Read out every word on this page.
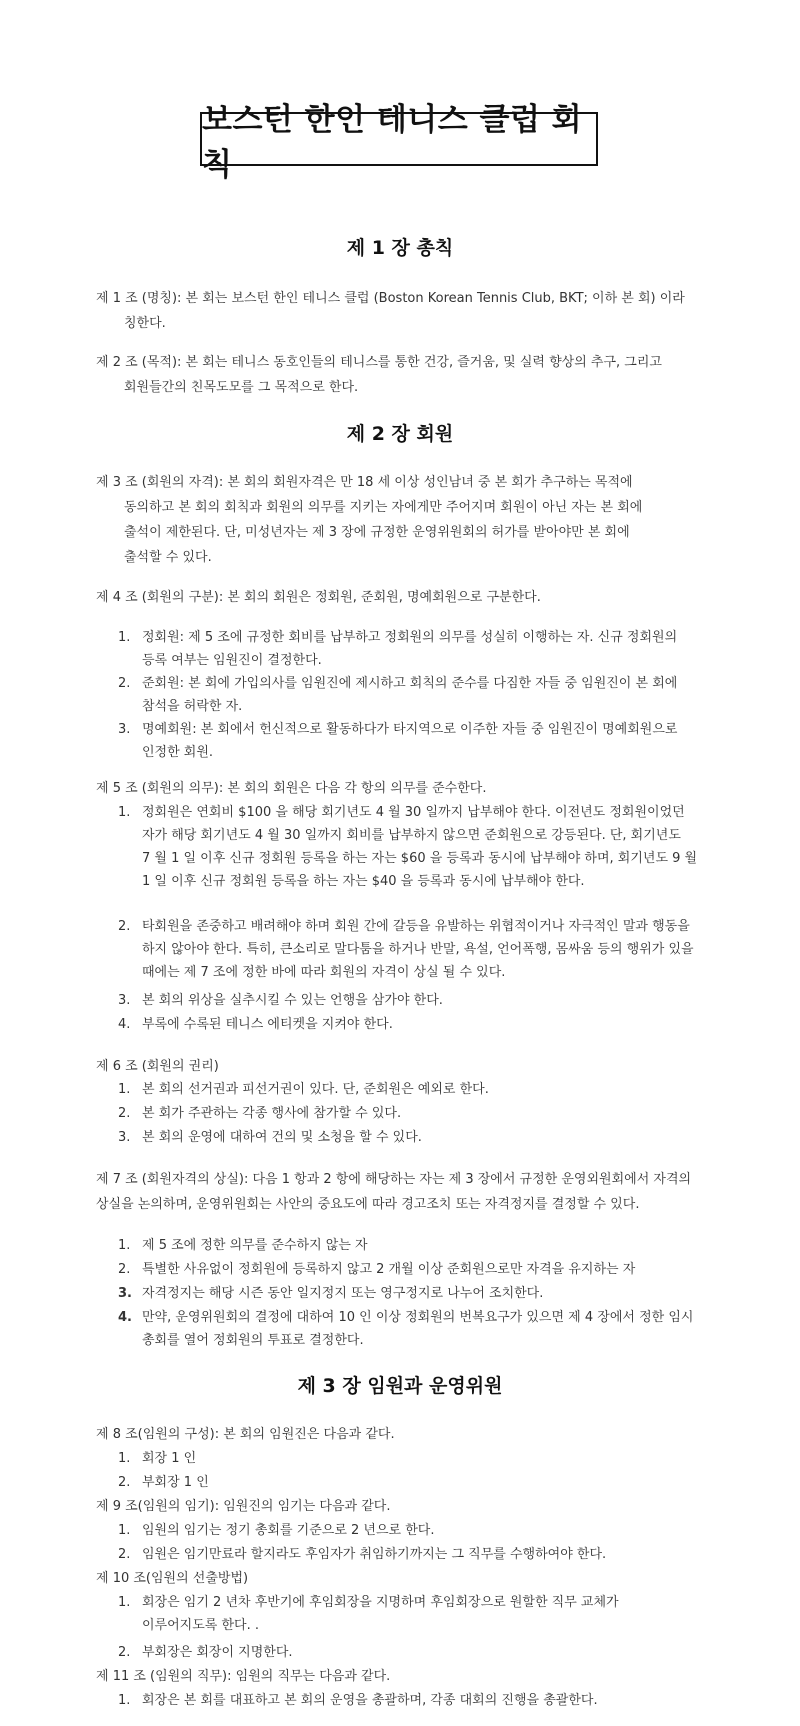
보스턴 한인 테니스 클럽 회칙
제 1 장 총칙
제 1 조 (명칭): 본 회는 보스턴 한인 테니스 클럽 (Boston Korean Tennis Club, BKT; 이하 본 회) 이라
칭한다.
제 2 조 (목적): 본 회는 테니스 동호인들의 테니스를 통한 건강, 즐거움, 및 실력 향상의 추구, 그리고
회원들간의 친목도모를 그 목적으로 한다.
제 2 장 회원
제 3 조 (회원의 자격): 본 회의 회원자격은 만 18 세 이상 성인남녀 중 본 회가 추구하는 목적에
동의하고 본 회의 회칙과 회원의 의무를 지키는 자에게만 주어지며 회원이 아닌 자는 본 회에
출석이 제한된다. 단, 미성년자는 제 3 장에 규정한 운영위원회의 허가를 받아야만 본 회에
출석할 수 있다.
제 4 조 (회원의 구분): 본 회의 회원은 정회원, 준회원, 명예회원으로 구분한다.
1. 정회원: 제 5 조에 규정한 회비를 납부하고 정회원의 의무를 성실히 이행하는 자. 신규 정회원의
등록 여부는 임원진이 결정한다.
2. 준회원: 본 회에 가입의사를 임원진에 제시하고 회칙의 준수를 다짐한 자들 중 임원진이 본 회에
참석을 허락한 자.
3. 명예회원: 본 회에서 헌신적으로 활동하다가 타지역으로 이주한 자들 중 임원진이 명예회원으로
인정한 회원.
제 5 조 (회원의 의무): 본 회의 회원은 다음 각 항의 의무를 준수한다.
1. 정회원은 연회비 $100 을 해당 회기년도 4 월 30 일까지 납부해야 한다. 이전년도 정회원이었던
자가 해당 회기년도 4 월 30 일까지 회비를 납부하지 않으면 준회원으로 강등된다. 단, 회기년도
7 월 1 일 이후 신규 정회원 등록을 하는 자는 $60 을 등록과 동시에 납부해야 하며, 회기년도 9 월
1 일 이후 신규 정회원 등록을 하는 자는 $40 을 등록과 동시에 납부해야 한다.
2. 타회원을 존중하고 배려해야 하며 회원 간에 갈등을 유발하는 위협적이거나 자극적인 말과 행동을
하지 않아야 한다. 특히, 큰소리로 말다툼을 하거나 반말, 욕설, 언어폭행, 몸싸움 등의 행위가 있을
때에는 제 7 조에 정한 바에 따라 회원의 자격이 상실 될 수 있다.
3. 본 회의 위상을 실추시킬 수 있는 언행을 삼가야 한다.
4. 부록에 수록된 테니스 에티켓을 지켜야 한다.
제 6 조 (회원의 권리)
1. 본 회의 선거권과 피선거권이 있다. 단, 준회원은 예외로 한다.
2. 본 회가 주관하는 각종 행사에 참가할 수 있다.
3. 본 회의 운영에 대하여 건의 및 소청을 할 수 있다.
제 7 조 (회원자격의 상실): 다음 1 항과 2 항에 해당하는 자는 제 3 장에서 규정한 운영외원회에서 자격의
상실을 논의하며, 운영위원회는 사안의 중요도에 따라 경고조치 또는 자격정지를 결정할 수 있다.
1. 제 5 조에 정한 의무를 준수하지 않는 자
2. 특별한 사유없이 정회원에 등록하지 않고 2 개월 이상 준회원으로만 자격을 유지하는 자
3. 자격정지는 해당 시즌 동안 일지정지 또는 영구정지로 나누어 조치한다.
4. 만약, 운영위원회의 결정에 대하여 10 인 이상 정회원의 번복요구가 있으면 제 4 장에서 정한 임시
총회를 열어 정회원의 투표로 결정한다.
제 3 장 임원과 운영위원
제 8 조(임원의 구성): 본 회의 임원진은 다음과 같다.
1. 회장 1 인
2. 부회장 1 인
제 9 조(임원의 임기): 임원진의 임기는 다음과 같다.
1. 임원의 임기는 정기 총회를 기준으로 2 년으로 한다.
2. 임원은 임기만료라 할지라도 후임자가 취임하기까지는 그 직무를 수행하여야 한다.
제 10 조(임원의 선출방법)
1. 회장은 임기 2 년차 후반기에 후임회장을 지명하며 후임회장으로 원할한 직무 교체가
이루어지도록 한다. .
2. 부회장은 회장이 지명한다.
제 11 조 (임원의 직무): 임원의 직무는 다음과 같다.
1. 회장은 본 회를 대표하고 본 회의 운영을 총괄하며, 각종 대회의 진행을 총괄한다.
